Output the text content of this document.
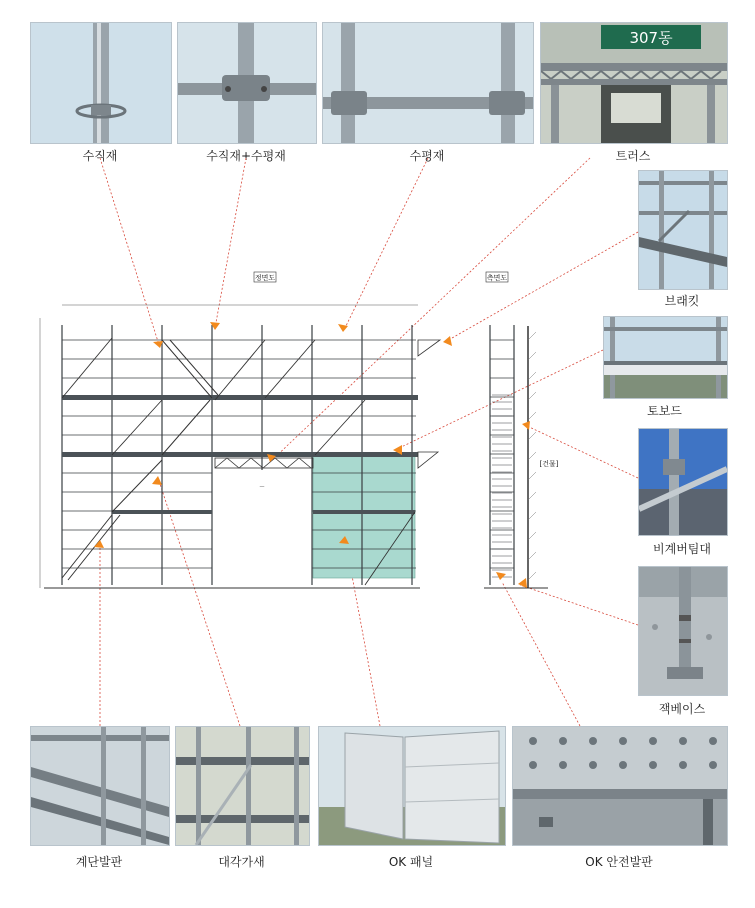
수직재	수직재+수평재	수평재
307동
트러스
브래킷
토보드
비계버팀대
잭베이스
계단발판	대각가새	OK 패널	OK 안전발판
정면도	측면도
—
[건물]
